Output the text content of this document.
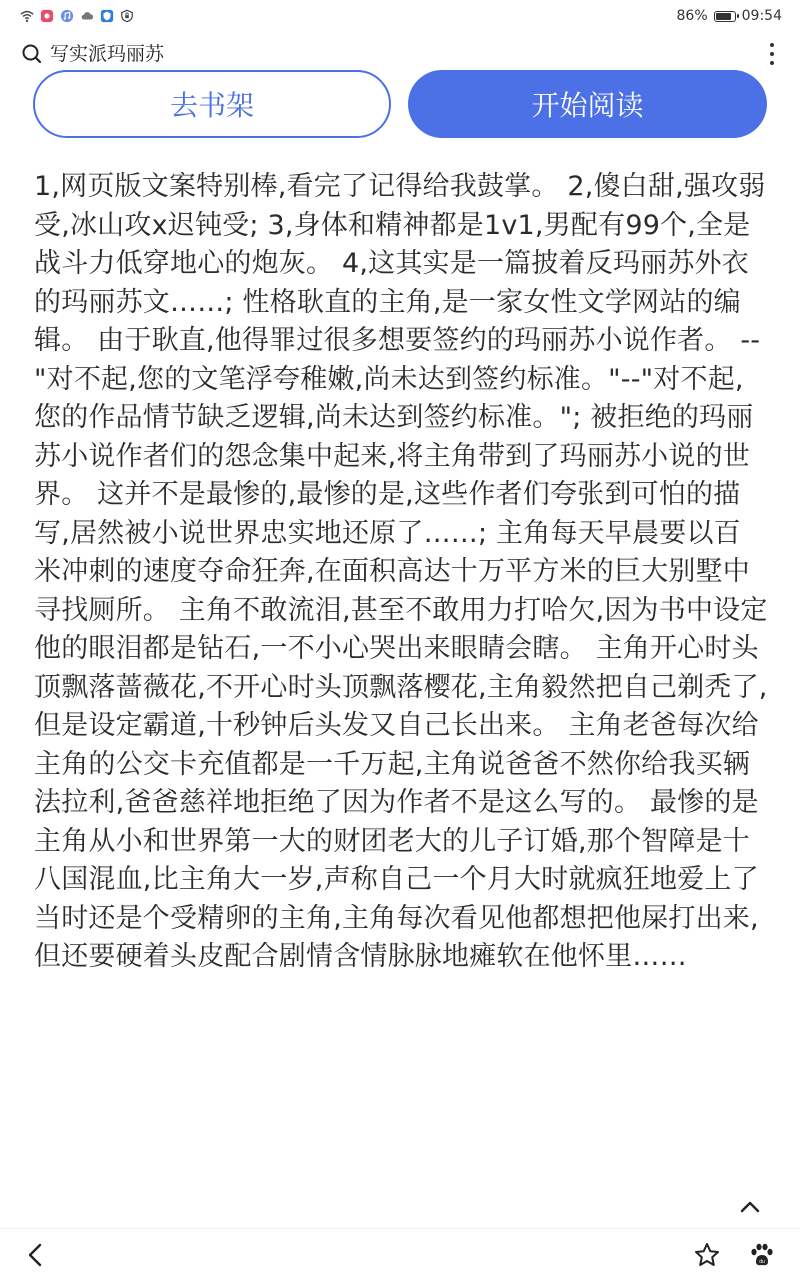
86% 09:54
写实派玛丽苏
去书架	开始阅读
1,网页版文案特别棒,看完了记得给我鼓掌。 2,傻白甜,强攻弱受,冰山攻x迟钝受; 3,身体和精神都是1v1,男配有99个,全是战斗力低穿地心的炮灰。 4,这其实是一篇披着反玛丽苏外衣的玛丽苏文……; 性格耿直的主角,是一家女性文学网站的编辑。 由于耿直,他得罪过很多想要签约的玛丽苏小说作者。 --"对不起,您的文笔浮夸稚嫩,尚未达到签约标准。"--"对不起,您的作品情节缺乏逻辑,尚未达到签约标准。"; 被拒绝的玛丽苏小说作者们的怨念集中起来,将主角带到了玛丽苏小说的世界。 这并不是最惨的,最惨的是,这些作者们夸张到可怕的描写,居然被小说世界忠实地还原了……; 主角每天早晨要以百米冲刺的速度夺命狂奔,在面积高达十万平方米的巨大别墅中寻找厕所。 主角不敢流泪,甚至不敢用力打哈欠,因为书中设定他的眼泪都是钻石,一不小心哭出来眼睛会瞎。 主角开心时头顶飘落蔷薇花,不开心时头顶飘落樱花,主角毅然把自己剃秃了,但是设定霸道,十秒钟后头发又自己长出来。 主角老爸每次给主角的公交卡充值都是一千万起,主角说爸爸不然你给我买辆法拉利,爸爸慈祥地拒绝了因为作者不是这么写的。 最惨的是主角从小和世界第一大的财团老大的儿子订婚,那个智障是十八国混血,比主角大一岁,声称自己一个月大时就疯狂地爱上了当时还是个受精卵的主角,主角每次看见他都想把他屎打出来,但还要硬着头皮配合剧情含情脉脉地瘫软在他怀里……
du
